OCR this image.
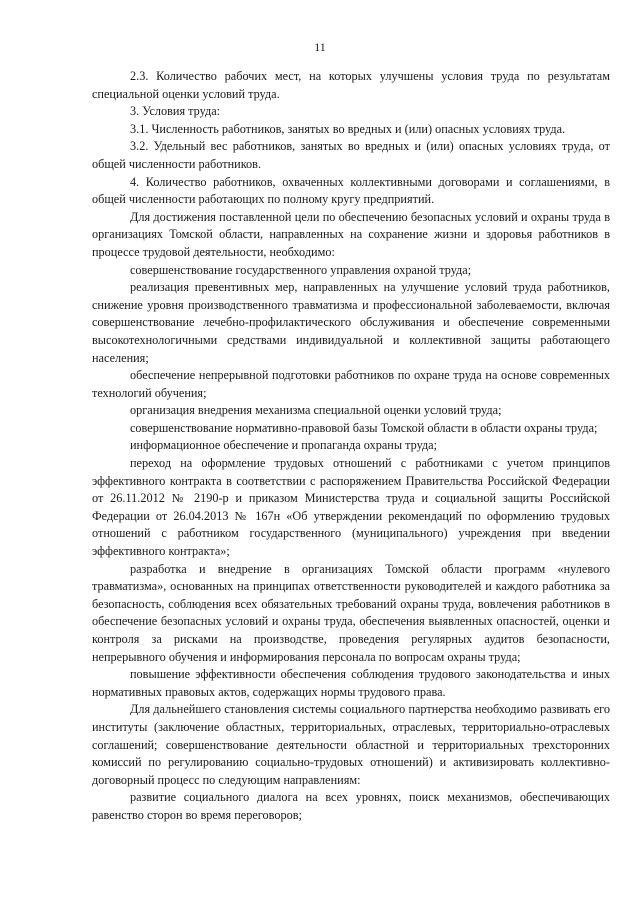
11

2.3. Количество рабочих мест, на которых улучшены условия труда по результатам специальной оценки условий труда.

3. Условия труда:

3.1. Численность работников, занятых во вредных и (или) опасных условиях труда.

3.2. Удельный вес работников, занятых во вредных и (или) опасных условиях труда, от общей численности работников.

4. Количество работников, охваченных коллективными договорами и соглашениями, в общей численности работающих по полному кругу предприятий.

Для достижения поставленной цели по обеспечению безопасных условий и охраны труда в организациях Томской области, направленных на сохранение жизни и здоровья работников в процессе трудовой деятельности, необходимо:

совершенствование государственного управления охраной труда;

реализация превентивных мер, направленных на улучшение условий труда работников, снижение уровня производственного травматизма и профессиональной заболеваемости, включая совершенствование лечебно-профилактического обслуживания и обеспечение современными высокотехнологичными средствами индивидуальной и коллективной защиты работающего населения;

обеспечение непрерывной подготовки работников по охране труда на основе современных технологий обучения;

организация внедрения механизма специальной оценки условий труда;

совершенствование нормативно-правовой базы Томской области в области охраны труда;

информационное обеспечение и пропаганда охраны труда;

переход на оформление трудовых отношений с работниками с учетом принципов эффективного контракта в соответствии с распоряжением Правительства Российской Федерации от 26.11.2012 № 2190-р и приказом Министерства труда и социальной защиты Российской Федерации от 26.04.2013 № 167н «Об утверждении рекомендаций по оформлению трудовых отношений с работником государственного (муниципального) учреждения при введении эффективного контракта»;

разработка и внедрение в организациях Томской области программ «нулевого травматизма», основанных на принципах ответственности руководителей и каждого работника за безопасность, соблюдения всех обязательных требований охраны труда, вовлечения работников в обеспечение безопасных условий и охраны труда, обеспечения выявленных опасностей, оценки и контроля за рисками на производстве, проведения регулярных аудитов безопасности, непрерывного обучения и информирования персонала по вопросам охраны труда;

повышение эффективности обеспечения соблюдения трудового законодательства и иных нормативных правовых актов, содержащих нормы трудового права.

Для дальнейшего становления системы социального партнерства необходимо развивать его институты (заключение областных, территориальных, отраслевых, территориально-отраслевых соглашений; совершенствование деятельности областной и территориальных трехсторонних комиссий по регулированию социально-трудовых отношений) и активизировать коллективно-договорный процесс по следующим направлениям:

развитие социального диалога на всех уровнях, поиск механизмов, обеспечивающих равенство сторон во время переговоров;
